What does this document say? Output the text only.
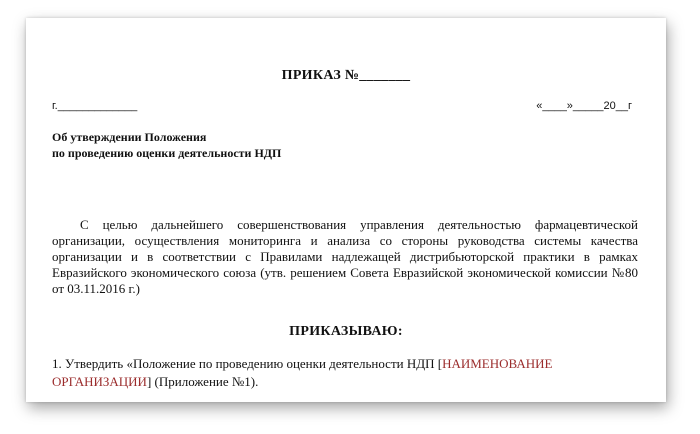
ПРИКАЗ №_______
г._____________	«____»_____20__г
Об утверждении Положения
по проведению оценки деятельности НДП
С целью дальнейшего совершенствования управления деятельностью фармацевтической организации, осуществления мониторинга и анализа со стороны руководства системы качества организации и в соответствии с Правилами надлежащей дистрибьюторской практики в рамках Евразийского экономического союза (утв. решением Совета Евразийской экономической комиссии №80 от 03.11.2016 г.)
ПРИКАЗЫВАЮ:
1. Утвердить «Положение по проведению оценки деятельности НДП [НАИМЕНОВАНИЕ ОРГАНИЗАЦИИ] (Приложение №1).
